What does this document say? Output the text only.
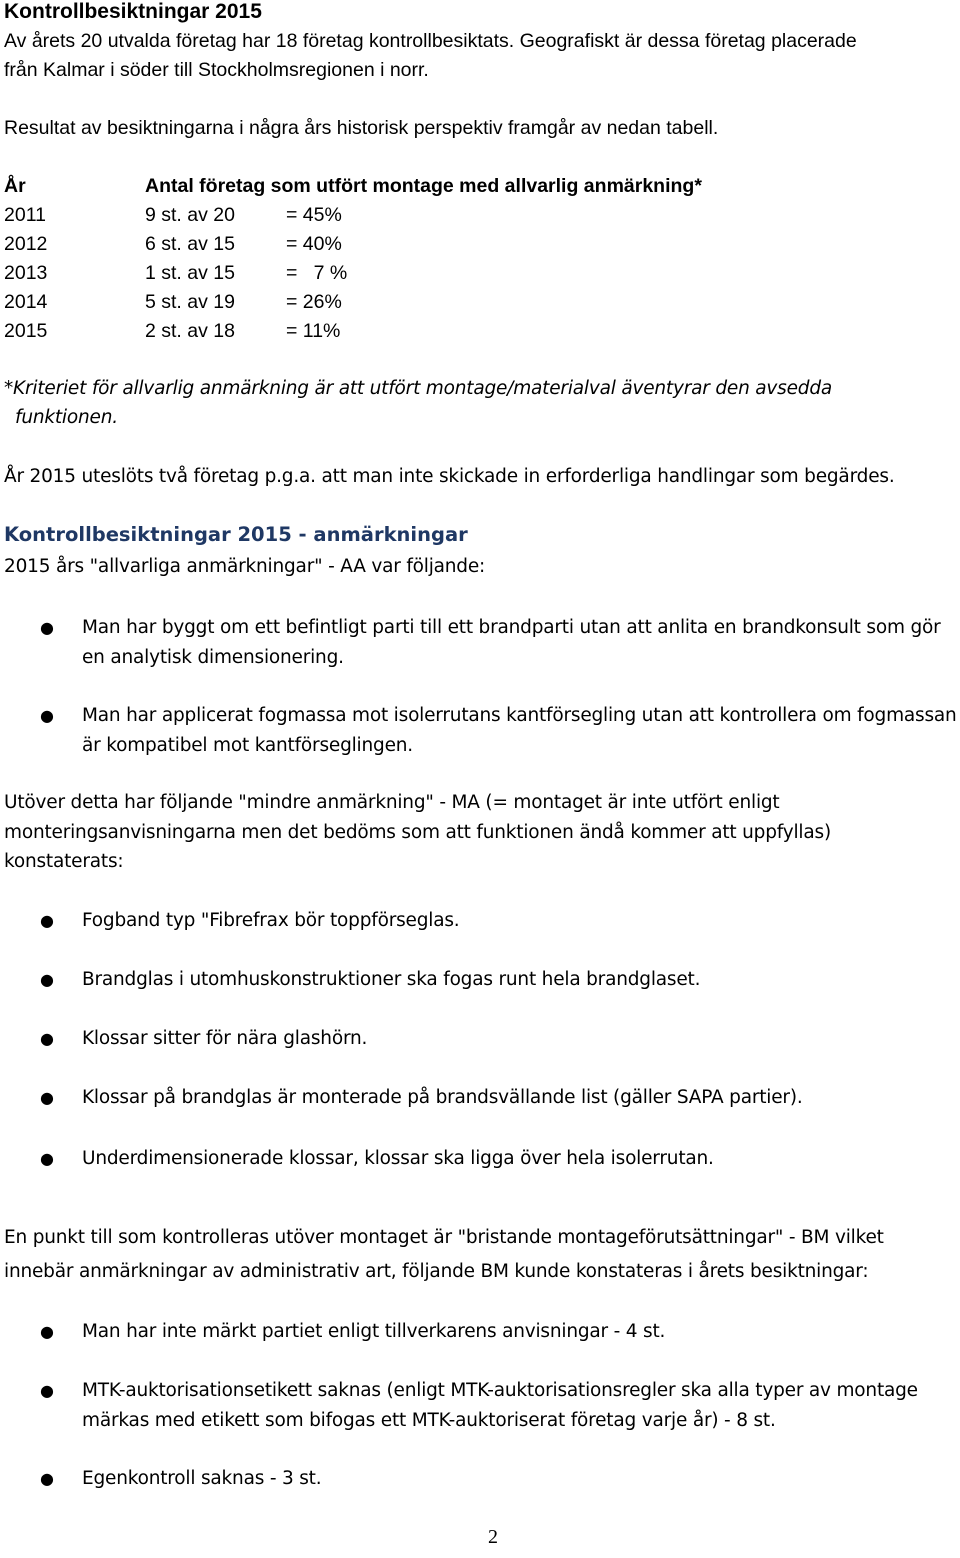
Kontrollbesiktningar 2015
Av årets 20 utvalda företag har 18 företag kontrollbesiktats. Geografiskt är dessa företag placerade
från Kalmar i söder till Stockholmsregionen i norr.
Resultat av besiktningarna i några års historisk perspektiv framgår av nedan tabell.
År	Antal företag som utfört montage med allvarlig anmärkning*
2011	9 st. av 20	= 45%
2012	6 st. av 15	= 40%
2013	1 st. av 15	=   7 %
2014	5 st. av 19	= 26%
2015	2 st. av 18	= 11%
*Kriteriet för allvarlig anmärkning är att utfört montage/materialval äventyrar den avsedda
funktionen.
År 2015 uteslöts två företag p.g.a. att man inte skickade in erforderliga handlingar som begärdes.
Kontrollbesiktningar 2015 - anmärkningar
2015 års "allvarliga anmärkningar" - AA var följande:
● Man har byggt om ett befintligt parti till ett brandparti utan att anlita en brandkonsult som gör en analytisk dimensionering.
● Man har applicerat fogmassa mot isolerrutans kantförsegling utan att kontrollera om fogmassan är kompatibel mot kantförseglingen.
Utöver detta har följande "mindre anmärkning" - MA (= montaget är inte utfört enligt monteringsanvisningarna men det bedöms som att funktionen ändå kommer att uppfyllas) konstaterats:
● Fogband typ "Fibrefrax bör toppförseglas.
● Brandglas i utomhuskonstruktioner ska fogas runt hela brandglaset.
● Klossar sitter för nära glashörn.
● Klossar på brandglas är monterade på brandsvällande list (gäller SAPA partier).
● Underdimensionerade klossar, klossar ska ligga över hela isolerrutan.
En punkt till som kontrolleras utöver montaget är "bristande montageförutsättningar" - BM vilket
innebär anmärkningar av administrativ art, följande BM kunde konstateras i årets besiktningar:
● Man har inte märkt partiet enligt tillverkarens anvisningar - 4 st.
● MTK-auktorisationsetikett saknas (enligt MTK-auktorisationsregler ska alla typer av montage märkas med etikett som bifogas ett MTK-auktoriserat företag varje år) - 8 st.
● Egenkontroll saknas - 3 st.
2
